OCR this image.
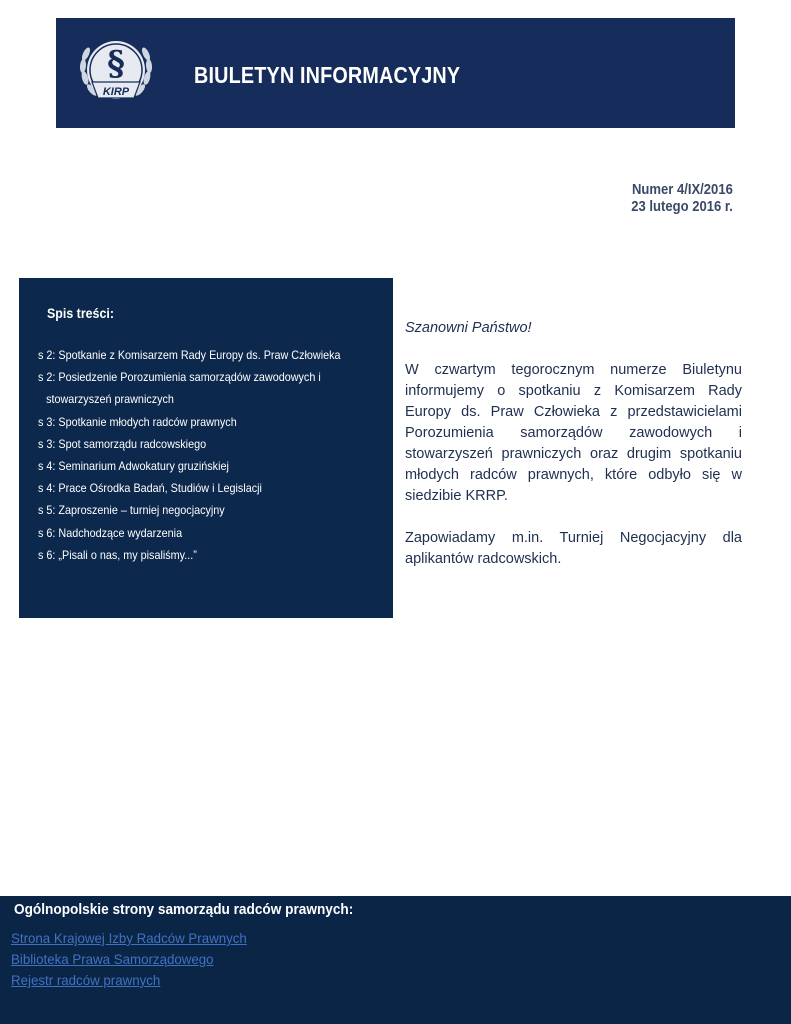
§
KIRP
BIULETYN INFORMACYJNY
Numer 4/IX/2016
23 lutego 2016 r.
Spis treści:
s 2: Spotkanie z Komisarzem Rady Europy ds. Praw Człowieka
s 2: Posiedzenie Porozumienia samorządów zawodowych i
stowarzyszeń prawniczych
s 3: Spotkanie młodych radców prawnych
s 3: Spot samorządu radcowskiego
s 4: Seminarium Adwokatury gruzińskiej
s 4: Prace Ośrodka Badań, Studiów i Legislacji
s 5: Zaproszenie – turniej negocjacyjny
s 6: Nadchodzące wydarzenia
s 6: „Pisali o nas, my pisaliśmy...”

Szanowni Państwo!

W czwartym tegorocznym numerze Biuletynu informujemy o spotkaniu z Komisarzem Rady Europy ds. Praw Człowieka z przedstawicielami Porozumienia samorządów zawodowych i stowarzyszeń prawniczych oraz drugim spotkaniu młodych radców prawnych, które odbyło się w siedzibie KRRP.

Zapowiadamy m.in. Turniej Negocjacyjny dla aplikantów radcowskich.

Ogólnopolskie strony samorządu radców prawnych:
Strona Krajowej Izby Radców Prawnych
Biblioteka Prawa Samorządowego
Rejestr radców prawnych
